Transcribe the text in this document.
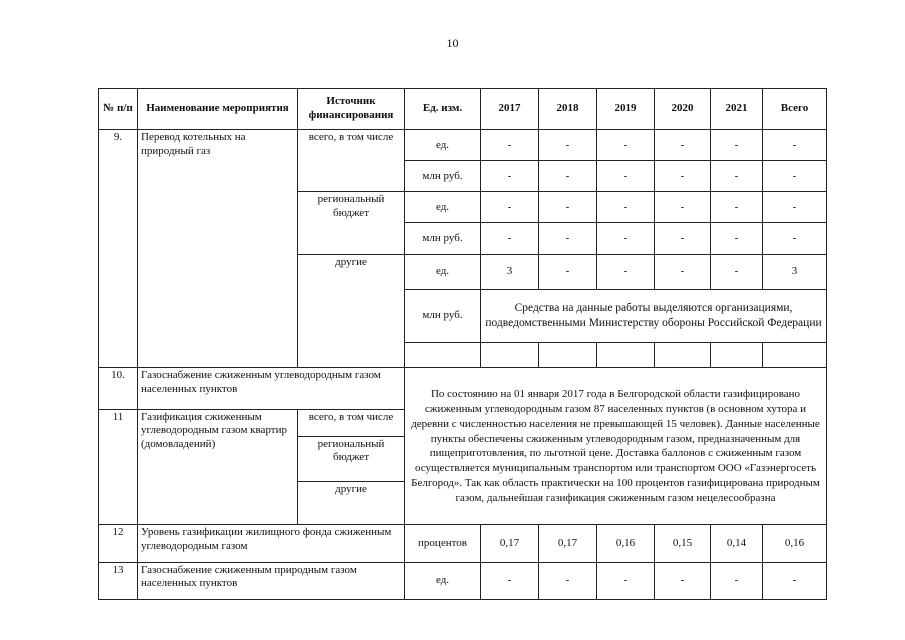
10
№ п/п	Наименование мероприятия	Источник финансирования	Ед. изм.	2017	2018	2019	2020	2021	Всего
9.	Перевод котельных на природный газ	всего, в том числе	ед.	-	-	-	-	-	-
			млн руб.	-	-	-	-	-	-
		региональный бюджет	ед.	-	-	-	-	-	-
			млн руб.	-	-	-	-	-	-
		другие	ед.	3	-	-	-	-	3
			млн руб.	Средства на данные работы выделяются организациями, подведомственными Министерству обороны Российской Федерации					

10.	Газоснабжение сжиженным углеводородным газом населенных пунктов		По состоянию на 01 января 2017 года в Белгородской области газифицировано сжиженным углеводородным газом 87 населенных пунктов (в основном хутора и деревни с численностью населения не превышающей 15 человек). Данные населенные пункты обеспечены сжиженным углеводородным газом, предназначенным для пищеприготовления, по льготной цене. Доставка баллонов с сжиженным газом осуществляется муниципальным транспортом или транспортом ООО «Газэнергосеть Белгород». Так как область практически на 100 процентов газифицирована природным газом, дальнейшая газификация сжиженным газом нецелесообразна						
11	Газификация сжиженным углеводородным газом квартир (домовладений)	всего, в том числе							
		региональный бюджет							
		другие							
12	Уровень газификации жилищного фонда сжиженным углеводородным газом		процентов	0,17	0,17	0,16	0,15	0,14	0,16
13	Газоснабжение сжиженным природным газом населенных пунктов		ед.	-	-	-	-	-	-
